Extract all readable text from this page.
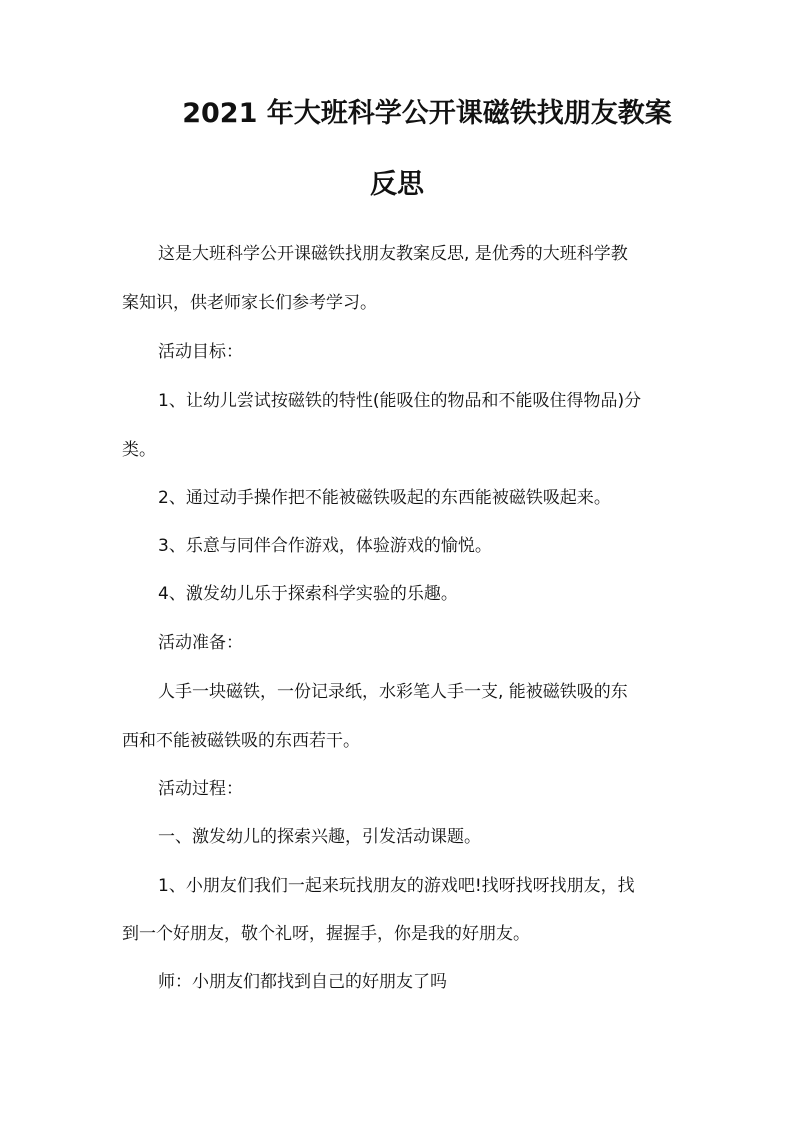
2021 年大班科学公开课磁铁找朋友教案
反思

这是大班科学公开课磁铁找朋友教案反思, 是优秀的大班科学教

案知识，供老师家长们参考学习。

活动目标：

1、让幼儿尝试按磁铁的特性(能吸住的物品和不能吸住得物品)分

类。

2、通过动手操作把不能被磁铁吸起的东西能被磁铁吸起来。

3、乐意与同伴合作游戏，体验游戏的愉悦。

4、激发幼儿乐于探索科学实验的乐趣。

活动准备：

人手一块磁铁，一份记录纸，水彩笔人手一支, 能被磁铁吸的东

西和不能被磁铁吸的东西若干。

活动过程：

一、激发幼儿的探索兴趣，引发活动课题。

1、小朋友们我们一起来玩找朋友的游戏吧!找呀找呀找朋友，找

到一个好朋友，敬个礼呀，握握手，你是我的好朋友。

师：小朋友们都找到自己的好朋友了吗
